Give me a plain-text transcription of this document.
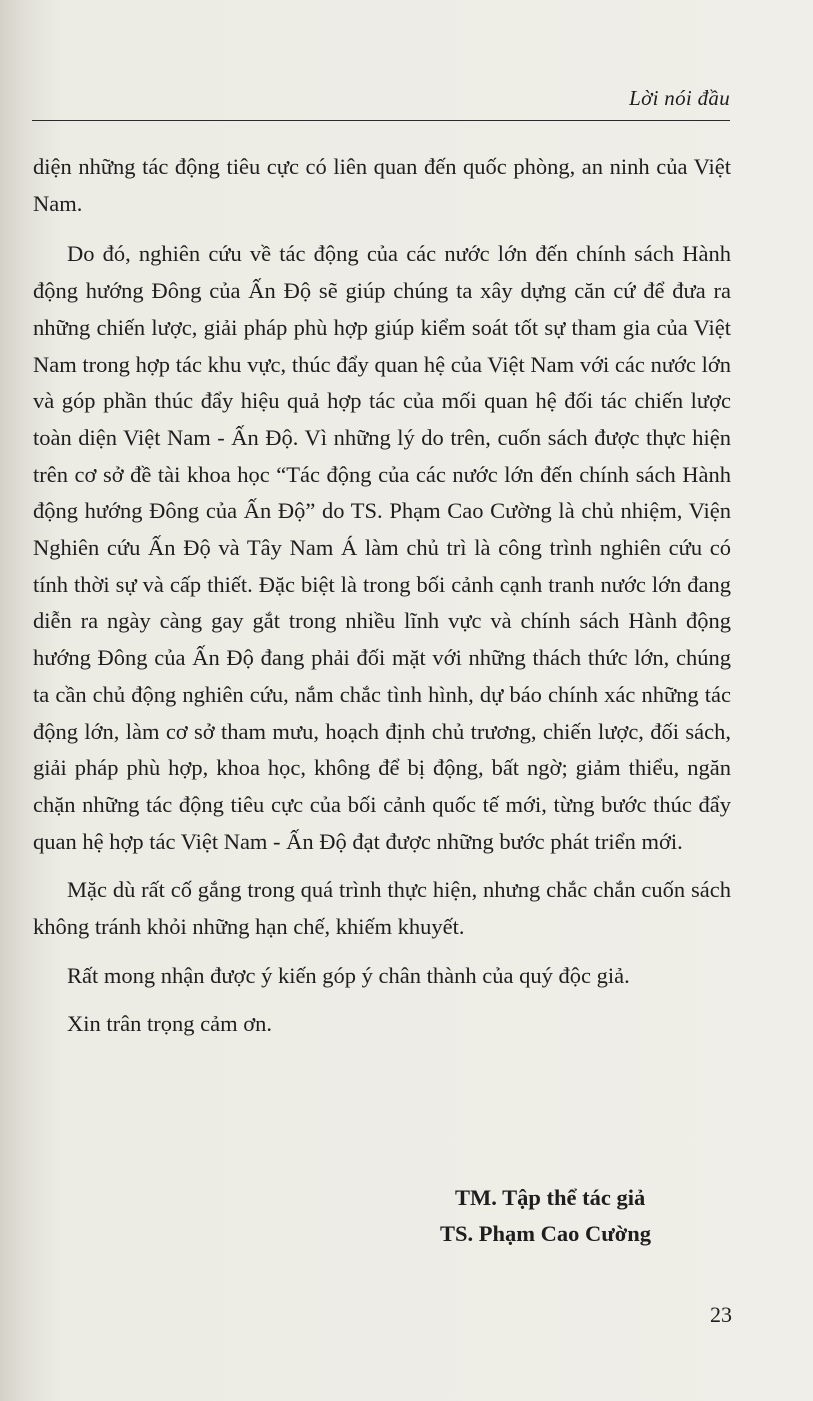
Lời nói đầu

diện những tác động tiêu cực có liên quan đến quốc phòng, an ninh của Việt Nam.

Do đó, nghiên cứu về tác động của các nước lớn đến chính sách Hành động hướng Đông của Ấn Độ sẽ giúp chúng ta xây dựng căn cứ để đưa ra những chiến lược, giải pháp phù hợp giúp kiểm soát tốt sự tham gia của Việt Nam trong hợp tác khu vực, thúc đẩy quan hệ của Việt Nam với các nước lớn và góp phần thúc đẩy hiệu quả hợp tác của mối quan hệ đối tác chiến lược toàn diện Việt Nam - Ấn Độ. Vì những lý do trên, cuốn sách được thực hiện trên cơ sở đề tài khoa học “Tác động của các nước lớn đến chính sách Hành động hướng Đông của Ấn Độ” do TS. Phạm Cao Cường là chủ nhiệm, Viện Nghiên cứu Ấn Độ và Tây Nam Á làm chủ trì là công trình nghiên cứu có tính thời sự và cấp thiết. Đặc biệt là trong bối cảnh cạnh tranh nước lớn đang diễn ra ngày càng gay gắt trong nhiều lĩnh vực và chính sách Hành động hướng Đông của Ấn Độ đang phải đối mặt với những thách thức lớn, chúng ta cần chủ động nghiên cứu, nắm chắc tình hình, dự báo chính xác những tác động lớn, làm cơ sở tham mưu, hoạch định chủ trương, chiến lược, đối sách, giải pháp phù hợp, khoa học, không để bị động, bất ngờ; giảm thiểu, ngăn chặn những tác động tiêu cực của bối cảnh quốc tế mới, từng bước thúc đẩy quan hệ hợp tác Việt Nam - Ấn Độ đạt được những bước phát triển mới.

Mặc dù rất cố gắng trong quá trình thực hiện, nhưng chắc chắn cuốn sách không tránh khỏi những hạn chế, khiếm khuyết.

Rất mong nhận được ý kiến góp ý chân thành của quý độc giả.

Xin trân trọng cảm ơn.

TM. Tập thể tác giả
TS. Phạm Cao Cường
23
